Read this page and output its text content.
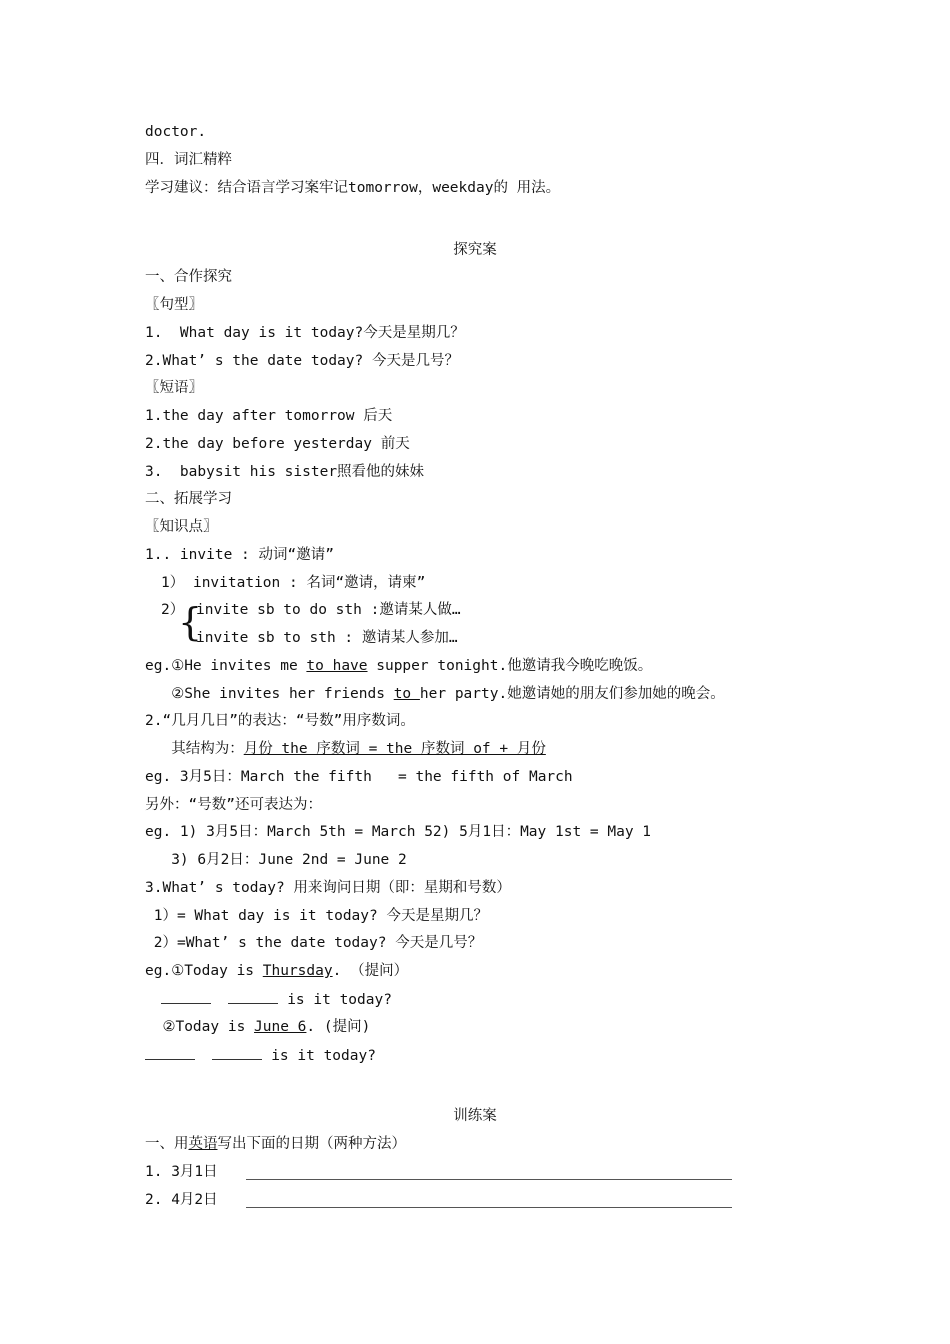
doctor.
四．词汇精粹
学习建议：结合语言学习案牢记tomorrow，weekday的 用法。
探究案
一、合作探究
〖句型〗
1.  What day is it today?今天是星期几？
2.What’ s the date today? 今天是几号？
〖短语〗
1.the day after tomorrow 后天
2.the day before yesterday 前天
3.  babysit his sister照看他的妹妹
二、拓展学习
〖知识点〗
1.. invite : 动词“邀请”
1） invitation : 名词“邀请，请柬”
2）
{
invite sb to do sth :邀请某人做…
invite sb to sth : 邀请某人参加…
eg.①He invites me to have supper tonight.他邀请我今晚吃晚饭。
②She invites her friends to her party.她邀请她的朋友们参加她的晚会。
2.“几月几日”的表达：“号数”用序数词。
其结构为：月份 the 序数词 = the 序数词 of + 月份
eg. 3月5日：March the fifth   = the fifth of March
另外：“号数”还可表达为：
eg. 1) 3月5日：March 5th = March 52) 5月1日：May 1st = May 1
3) 6月2日：June 2nd = June 2
3.What’ s today? 用来询问日期（即：星期和号数）
1）= What day is it today? 今天是星期几？
2）=What’ s the date today? 今天是几号？
eg.①Today is Thursday. （提问）
is it today?
②Today is June 6. (提问)
is it today?
训练案
一、用英语写出下面的日期（两种方法）
1. 3月1日
2. 4月2日
